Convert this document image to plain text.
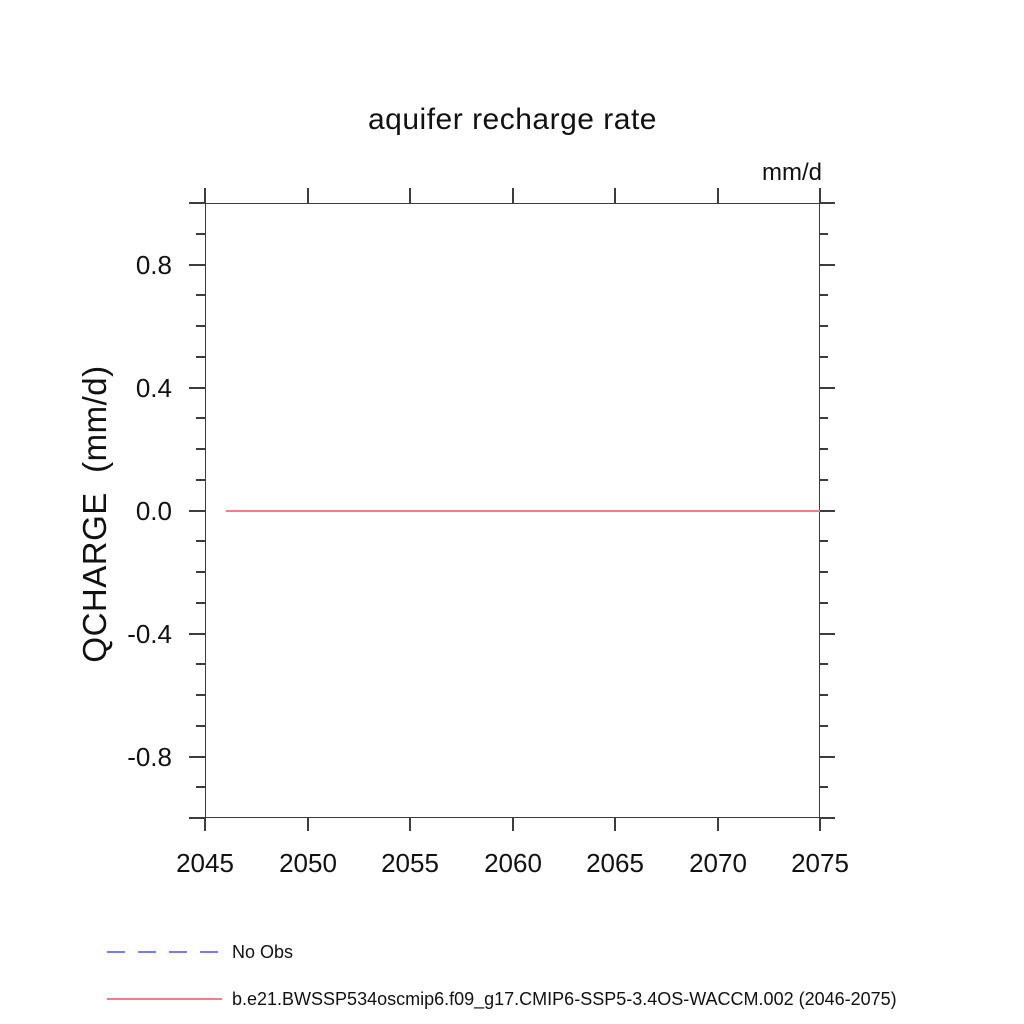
aquifer recharge rate
mm/d
QCHARGE  (mm/d)
2045	2050	2055	2060	2065	2070	2075
0.8
0.4
0.0
-0.4
-0.8
No Obs
b.e21.BWSSP534oscmip6.f09_g17.CMIP6-SSP5-3.4OS-WACCM.002 (2046-2075)
